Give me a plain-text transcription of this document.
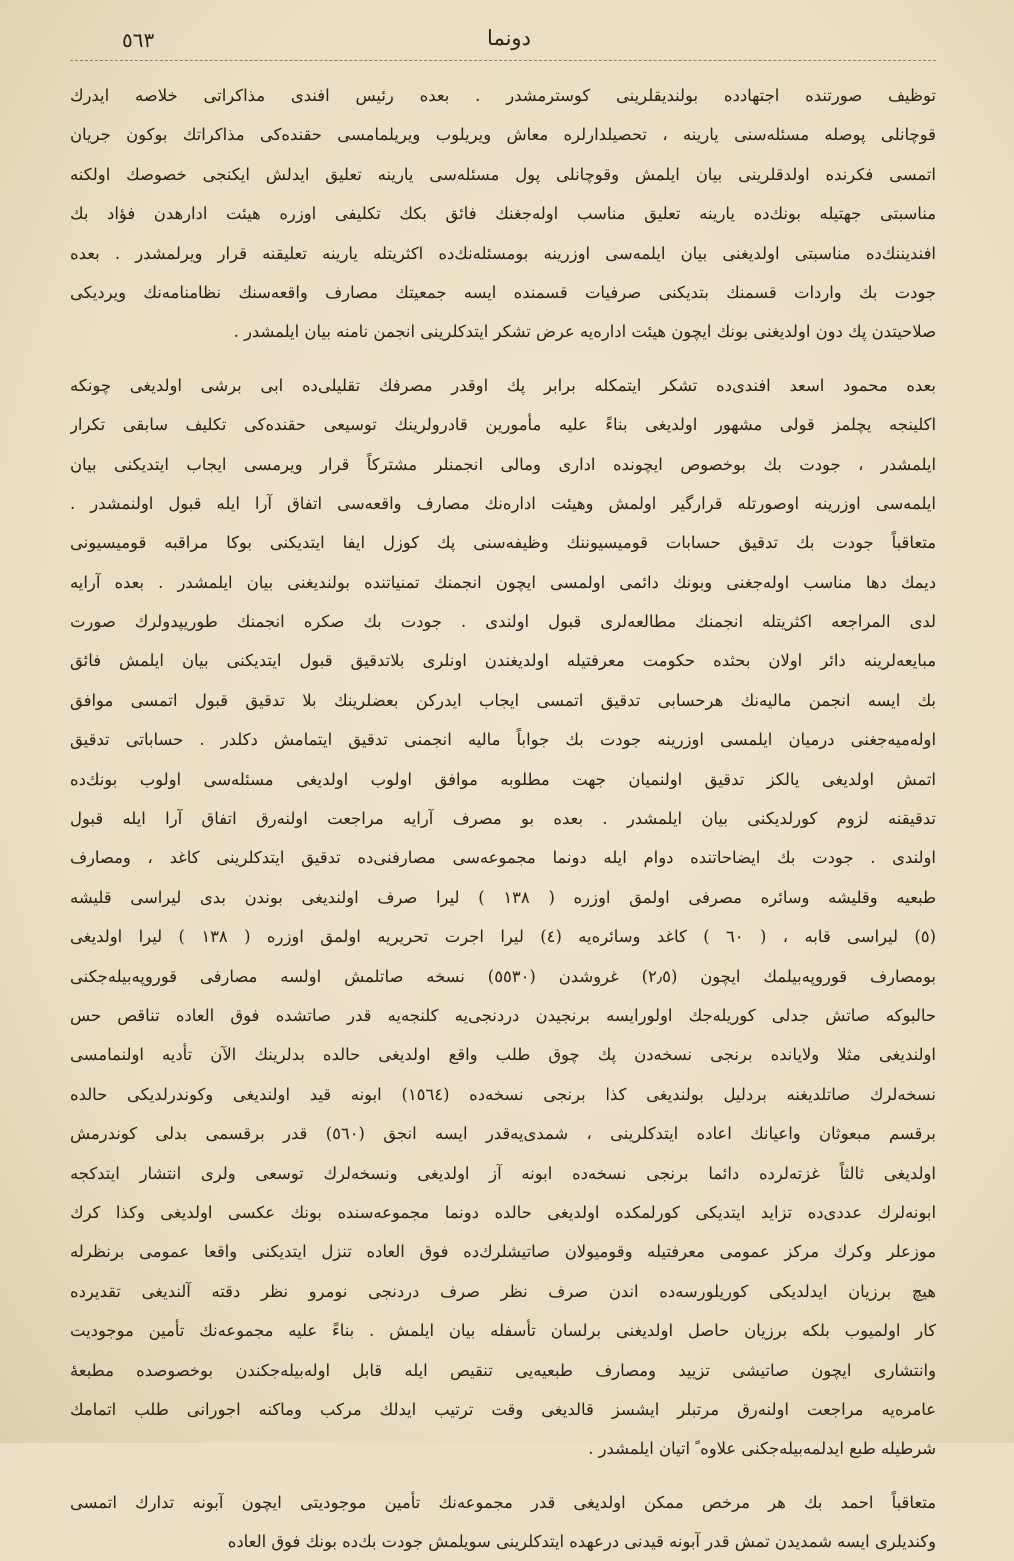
٥٦٣	دونما
توظيف صورتنده اجتهادده بولنديقلرينى كوسترمشدر . بعده رئيس افندى مذاكراتى خلاصه ايدرك
قوچانلى پوصله مسئله‌سنى يارينه ، تحصيلدارلره معاش ويريلوب ويريلمامسى حقنده‌كى مذاكراتك بوكون جريان
اتمسى فكرنده اولدقلرينى بيان ايلمش وقوچانلى پول مسئله‌سى يارينه تعليق ايدلش ايكنجى خصوصك اولكنه
مناسبتى جهتيله بونك‌ده يارينه تعليق مناسب اوله‌جغنك فائق بكك تكليفى اوزره هيئت ادارهدن فؤاد بك
افنديننك‌ده مناسبتى اولديغنى بيان ايلمه‌سى اوزرينه بومسئله‌نك‌ده اكثريتله يارينه تعليقنه قرار ويرلمشدر . بعده
جودت بك واردات قسمنك بتديكنى صرفيات قسمنده ايسه جمعيتك مصارف واقعه‌سنك نظامنامه‌نك ويرديكى
صلاحيتدن پك دون اولديغنى بونك ايچون هيئت اداره‌يه عرض تشكر ايتدكلرينى انجمن نامنه بيان ايلمشدر .
بعده محمود اسعد افندى‌ده تشكر ايتمكله برابر پك اوقدر مصرفك تقليلى‌ده ابى برشى اولديغى چونكه
اكلينجه يچلمز قولى مشهور اولديغى بناءً عليه مأمورين قادرولرينك توسيعى حقنده‌كى تكليف سابقى تكرار
ايلمشدر ، جودت بك بوخصوص ايچونده ادارى ومالى انجمنلر مشتركاً قرار ويرمسى ايجاب ايتديكنى بيان
ايلمه‌سى اوزرينه اوصورتله قرارگير اولمش وهيئت اداره‌نك مصارف واقعه‌سى اتفاق آرا ايله قبول اولنمشدر .
متعاقباً جودت بك تدقيق حسابات قوميسيوننك وظيفه‌سنى پك كوزل ايفا ايتديكنى بوكا مراقبه قوميسيونى
ديمك دها مناسب اوله‌جغنى وبونك دائمى اولمسى ايچون انجمنك تمنياتنده بولنديغنى بيان ايلمشدر . بعده آرايه
لدى المراجعه اكثريتله انجمنك مطالعه‌لرى قبول اولندى . جودت بك صكره انجمنك طوريپدولرك صورت
مبايعه‌لرينه دائر اولان بحثده حكومت معرفتيله اولديغندن اونلرى بلاتدقيق قبول ايتديكنى بيان ايلمش فائق
بك ايسه انجمن ماليه‌نك هرحسابى تدقيق اتمسى ايجاب ايدركن بعضلرينك بلا تدقيق قبول اتمسى موافق
اوله‌ميه‌جغنى درميان ايلمسى اوزرينه جودت بك جواباً ماليه انجمنى تدقيق ايتمامش دكلدر . حساباتى تدقيق
اتمش اولديغى يالكز تدقيق اولنميان جهت مطلوبه موافق اولوب اولديغى مسئله‌سى اولوب بونك‌ده
تدقيقنه لزوم كورلديكنى بيان ايلمشدر . بعده بو مصرف آرايه مراجعت اولنه‌رق اتفاق آرا ايله قبول
اولندى . جودت بك ايضاحاتنده دوام ايله دونما مجموعه‌سى مصارفنى‌ده تدقيق ايتدكلرينى كاغد ، ومصارف
طبعيه وقليشه وسائره مصرفى اولمق اوزره ( ١٣٨ ) ليرا صرف اولنديغى بوندن بدى ليراسى قليشه
(٥) ليراسى قابه ، ( ٦٠ ) كاغد وسائره‌يه (٤) ليرا اجرت تحريريه اولمق اوزره ( ١٣٨ ) ليرا اولديغى
بومصارف قوروپه‌بيلمك ايچون (٢٫٥) غروشدن (٥٥٣٠) نسخه صاتلمش اولسه مصارفى قوروپه‌بيله‌جكنى
حالبوكه صاتش جدلى كوريله‌جك اولورايسه برنجيدن دردنجى‌يه كلنجه‌يه قدر صاتشده فوق العاده تناقص حس
اولنديغى مثلا ولايانده برنجى نسخه‌دن پك چوق طلب واقع اولديغى حالده بدلرينك الآن تأديه اولنمامسى
نسخه‌لرك صاتلديغنه بردليل بولنديغى كذا برنجى نسخه‌ده (١٥٦٤) ابونه قيد اولنديغى وكوندرلديكى حالده
برقسم مبعوثان واعيانك اعاده ايتدكلرينى ، شمدى‌يه‌قدر ايسه انجق (٥٦٠) قدر برقسمى بدلى كوندرمش
اولديغى ثالثاً غزته‌لرده دائما برنجى نسخه‌ده ابونه آز اولديغى ونسخه‌لرك توسعى ولرى انتشار ايتدكجه
ابونه‌لرك عددى‌ده تزايد ايتديكى كورلمكده اولديغى حالده دونما مجموعه‌سنده بونك عكسى اولديغى وكذا كرك
موزعلر وكرك مركز عمومى معرفتيله وقوميولان صاتيشلرك‌ده فوق العاده تنزل ايتديكنى واقعا عمومى برنظرله
هيچ برزيان ايدلديكى كوريلورسه‌ده اندن صرف نظر صرف دردنجى نومرو نظر دقته آلنديغى تقديرده
كار اولميوب بلكه برزيان حاصل اولديغنى برلسان تأسفله بيان ايلمش . بناءً عليه مجموعه‌نك تأمين موجوديت
وانتشارى ايچون صاتيشى تزييد ومصارف طبعيه‌يى تنقيص ايله قابل اوله‌بيله‌جكندن بوخصوصده مطبعهٔ
عامره‌يه مراجعت اولنه‌رق مرتبلر ايشسز قالديغى وقت ترتيب ايدلك مركب وماكنه اجورانى طلب اتمامك
شرطيله طبع ايدلمه‌بيله‌جكنى علاوه ً اتيان ايلمشدر .
متعاقباً احمد بك هر مرخص ممكن اولديغى قدر مجموعه‌نك تأمين موجوديتى ايچون آبونه تدارك اتمسى
وكنديلرى ايسه شمديدن تمش قدر آبونه قيدنى درعهده ايتدكلرينى سويلمش جودت بك‌ده بونك فوق العاده
